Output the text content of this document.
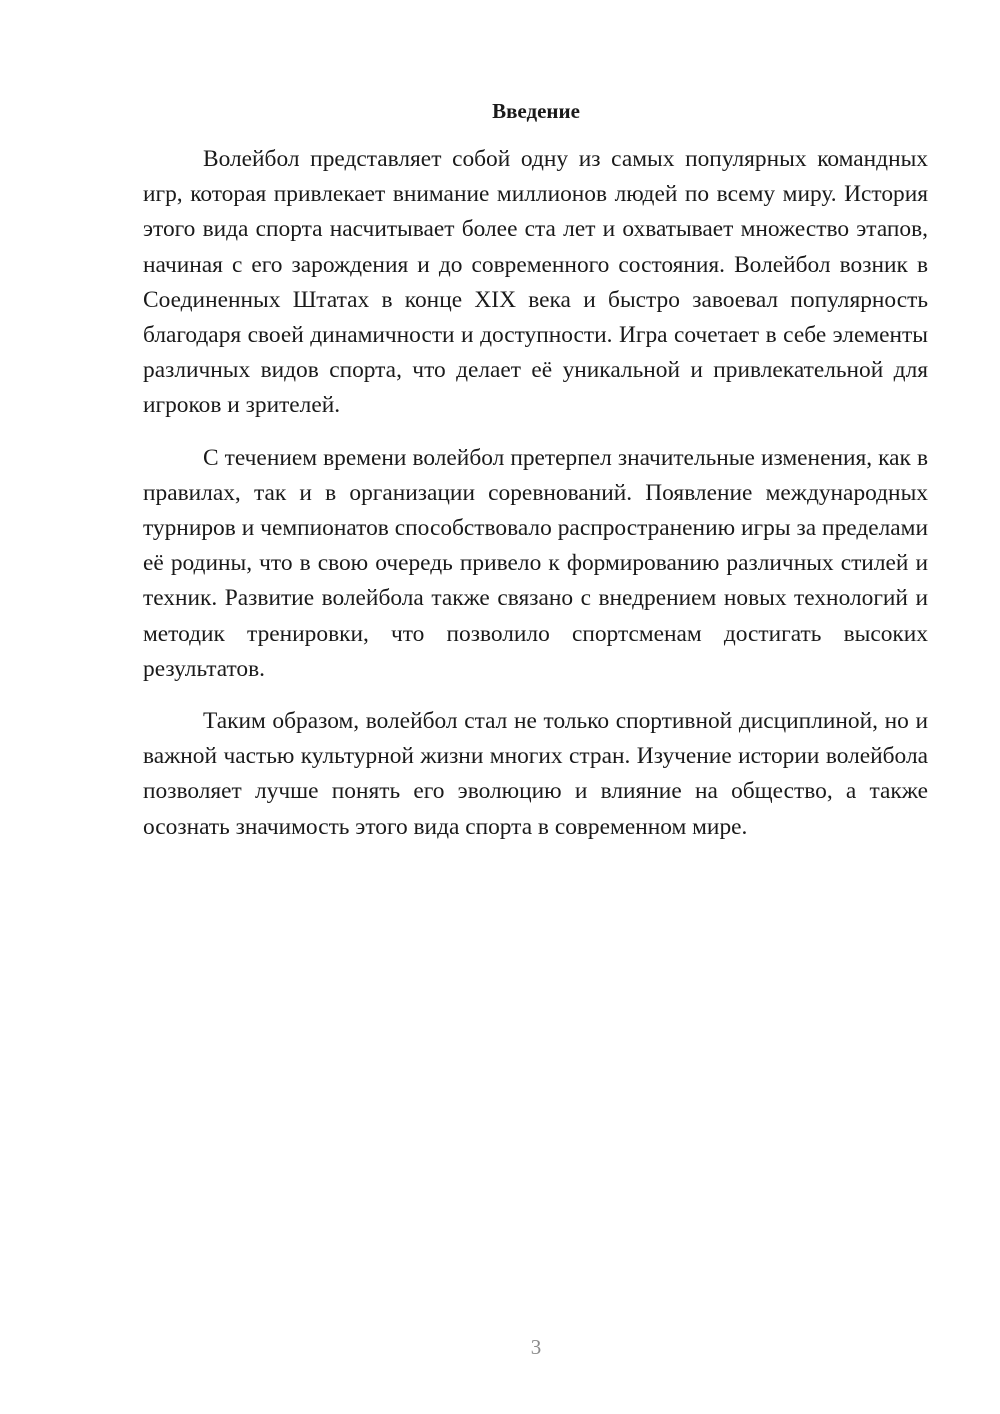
Введение

Волейбол представляет собой одну из самых популярных командных игр, которая привлекает внимание миллионов людей по всему миру. История этого вида спорта насчитывает более ста лет и охватывает множество этапов, начиная с его зарождения и до современного состояния. Волейбол возник в Соединенных Штатах в конце XIX века и быстро завоевал популярность благодаря своей динамичности и доступности. Игра сочетает в себе элементы различных видов спорта, что делает её уникальной и привлекательной для игроков и зрителей.

С течением времени волейбол претерпел значительные изменения, как в правилах, так и в организации соревнований. Появление международных турниров и чемпионатов способствовало распространению игры за пределами её родины, что в свою очередь привело к формированию различных стилей и техник. Развитие волейбола также связано с внедрением новых технологий и методик тренировки, что позволило спортсменам достигать высоких результатов.

Таким образом, волейбол стал не только спортивной дисциплиной, но и важной частью культурной жизни многих стран. Изучение истории волейбола позволяет лучше понять его эволюцию и влияние на общество, а также осознать значимость этого вида спорта в современном мире.

3
